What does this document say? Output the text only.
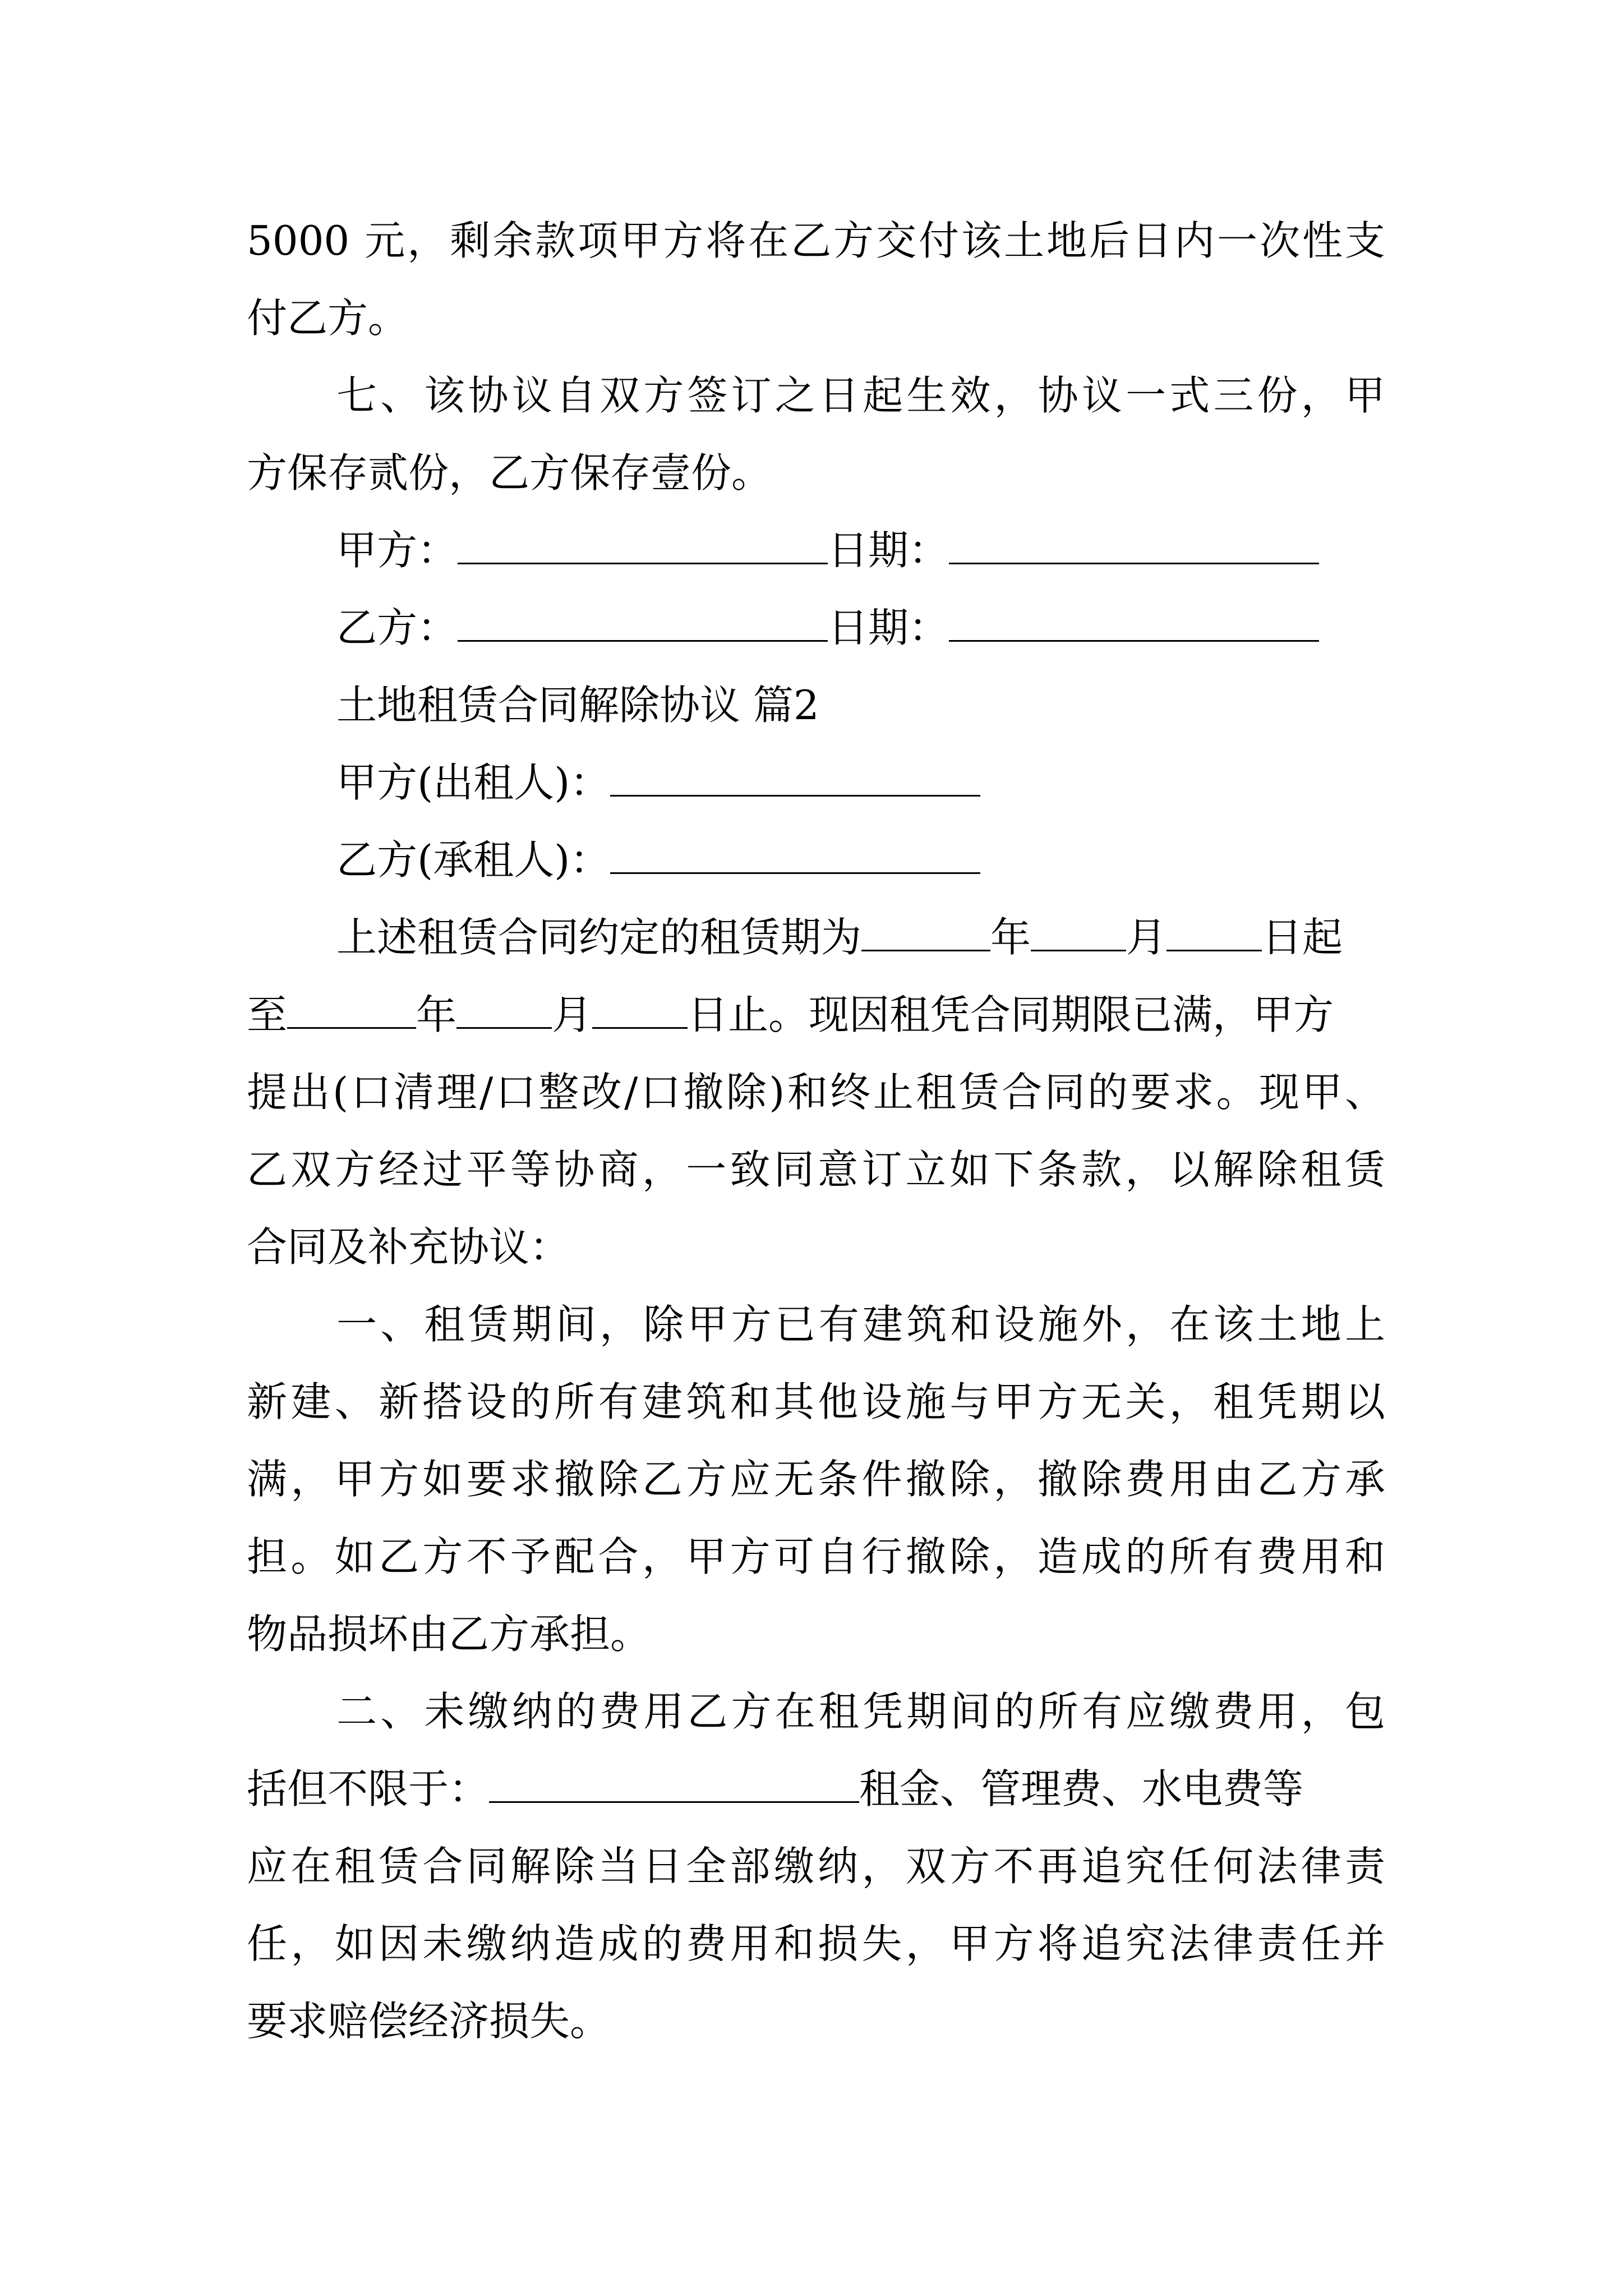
5000 元，剩余款项甲方将在乙方交付该土地后日内一次性支
付乙方。
七、该协议自双方签订之日起生效，协议一式三份，甲
方保存贰份，乙方保存壹份。
甲方：	日期：
乙方：	日期：
土地租赁合同解除协议 篇2
甲方(出租人)：
乙方(承租人)：
上述租赁合同约定的租赁期为	年 月 日起
至	年 月 日止。现因租凭合同期限已满，甲方
提出(口清理/口整改/口撤除)和终止租赁合同的要求。现甲、
乙双方经过平等协商，一致同意订立如下条款，以解除租赁
合同及补充协议：
一、租赁期间，除甲方已有建筑和设施外，在该土地上
新建、新搭设的所有建筑和其他设施与甲方无关，租凭期以
满，甲方如要求撤除乙方应无条件撤除，撤除费用由乙方承
担。如乙方不予配合，甲方可自行撤除，造成的所有费用和
物品损坏由乙方承担。
二、未缴纳的费用乙方在租凭期间的所有应缴费用，包
括但不限于：	租金、管理费、水电费等
应在租赁合同解除当日全部缴纳，双方不再追究任何法律责
任，如因未缴纳造成的费用和损失，甲方将追究法律责任并
要求赔偿经济损失。
